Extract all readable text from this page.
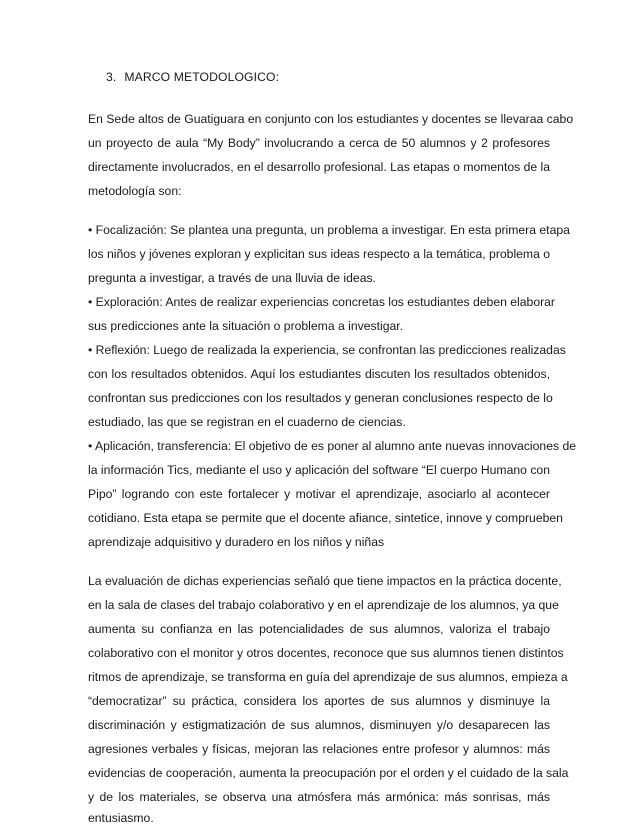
3. MARCO METODOLOGICO:
En Sede altos de Guatiguara en conjunto con los estudiantes y docentes se llevaraa cabo
un proyecto de aula “My Body” involucrando a cerca de 50 alumnos y 2 profesores
directamente involucrados, en el desarrollo profesional. Las etapas o momentos de la
metodología son:
• Focalización: Se plantea una pregunta, un problema a investigar. En esta primera etapa
los niños y jóvenes exploran y explicitan sus ideas respecto a la temática, problema o
pregunta a investigar, a través de una lluvia de ideas.
• Exploración: Antes de realizar experiencias concretas los estudiantes deben elaborar
sus predicciones ante la situación o problema a investigar.
• Reflexión: Luego de realizada la experiencia, se confrontan las predicciones realizadas
con los resultados obtenidos. Aquí los estudiantes discuten los resultados obtenidos,
confrontan sus predicciones con los resultados y generan conclusiones respecto de lo
estudiado, las que se registran en el cuaderno de ciencias.
• Aplicación, transferencia: El objetivo de es poner al alumno ante nuevas innovaciones de
la información Tics, mediante el uso y aplicación del software “El cuerpo Humano con
Pipo” logrando con este fortalecer y motivar el aprendizaje, asociarlo al acontecer
cotidiano. Esta etapa se permite que el docente afiance, sintetice, innove y comprueben
aprendizaje adquisitivo y duradero en los niños y niñas
La evaluación de dichas experiencias señaló que tiene impactos en la práctica docente,
en la sala de clases del trabajo colaborativo y en el aprendizaje de los alumnos, ya que
aumenta su confianza en las potencialidades de sus alumnos, valoriza el trabajo
colaborativo con el monitor y otros docentes, reconoce que sus alumnos tienen distintos
ritmos de aprendizaje, se transforma en guía del aprendizaje de sus alumnos, empieza a
“democratizar” su práctica, considera los aportes de sus alumnos y disminuye la
discriminación y estigmatización de sus alumnos, disminuyen y/o desaparecen las
agresiones verbales y físicas, mejoran las relaciones entre profesor y alumnos: más
evidencias de cooperación, aumenta la preocupación por el orden y el cuidado de la sala
y de los materiales, se observa una atmósfera más armónica: más sonrisas, más
entusiasmo.
